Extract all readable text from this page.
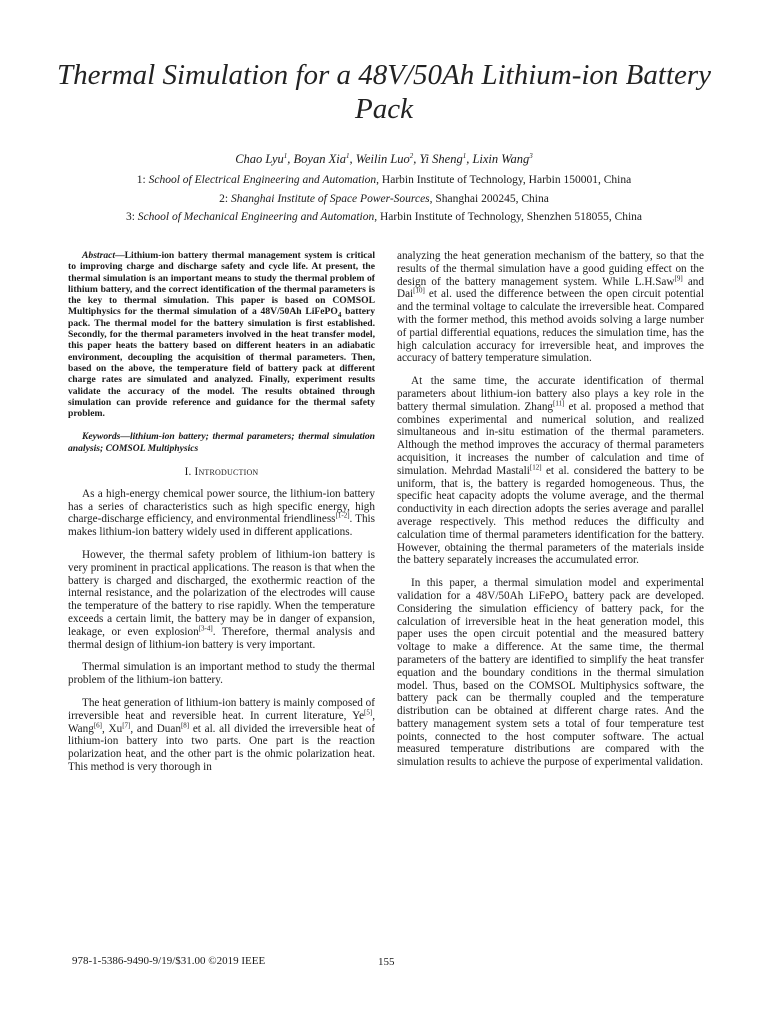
Thermal Simulation for a 48V/50Ah Lithium-ion Battery Pack
Chao Lyu$^1$, Boyan Xia$^1$, Weilin Luo$^2$, Yi Sheng$^1$, Lixin Wang$^3$
1: School of Electrical Engineering and Automation, Harbin Institute of Technology, Harbin 150001, China
2: Shanghai Institute of Space Power-Sources, Shanghai 200245, China
3: School of Mechanical Engineering and Automation, Harbin Institute of Technology, Shenzhen 518055, China

Abstract—Lithium-ion battery thermal management system is critical to improving charge and discharge safety and cycle life. At present, the thermal simulation is an important means to study the thermal problem of lithium battery, and the correct identification of the thermal parameters is the key to thermal simulation. This paper is based on COMSOL Multiphysics for the thermal simulation of a 48V/50Ah LiFePO$_4$ battery pack. The thermal model for the battery simulation is first established. Secondly, for the thermal parameters involved in the heat transfer model, this paper heats the battery based on different heaters in an adiabatic environment, decoupling the acquisition of thermal parameters. Then, based on the above, the temperature field of battery pack at different charge rates are simulated and analyzed. Finally, experiment results validate the accuracy of the model. The results obtained through simulation can provide reference and guidance for the thermal safety problem.

Keywords—lithium-ion battery; thermal parameters; thermal simulation analysis; COMSOL Multiphysics

I. Introduction

As a high-energy chemical power source, the lithium-ion battery has a series of characteristics such as high specific energy, high charge-discharge efficiency, and environmental friendliness[1-2]. This makes lithium-ion battery widely used in different applications.

However, the thermal safety problem of lithium-ion battery is very prominent in practical applications. The reason is that when the battery is charged and discharged, the exothermic reaction of the internal resistance, and the polarization of the electrodes will cause the temperature of the battery to rise rapidly. When the temperature exceeds a certain limit, the battery may be in danger of expansion, leakage, or even explosion[3-4]. Therefore, thermal analysis and thermal design of lithium-ion battery is very important.

Thermal simulation is an important method to study the thermal problem of the lithium-ion battery.

The heat generation of lithium-ion battery is mainly composed of irreversible heat and reversible heat. In current literature, Ye[5], Wang[6], Xu[7], and Duan[8] et al. all divided the irreversible heat of lithium-ion battery into two parts. One part is the reaction polarization heat, and the other part is the ohmic polarization heat. This method is very thorough in

analyzing the heat generation mechanism of the battery, so that the results of the thermal simulation have a good guiding effect on the design of the battery management system. While L.H.Saw[9] and Dai[10] et al. used the difference between the open circuit potential and the terminal voltage to calculate the irreversible heat. Compared with the former method, this method avoids solving a large number of partial differential equations, reduces the simulation time, has the high calculation accuracy for irreversible heat, and improves the accuracy of battery temperature simulation.

At the same time, the accurate identification of thermal parameters about lithium-ion battery also plays a key role in the battery thermal simulation. Zhang[11] et al. proposed a method that combines experimental and numerical solution, and realized simultaneous and in-situ estimation of the thermal parameters. Although the method improves the accuracy of thermal parameters acquisition, it increases the number of calculation and time of simulation. Mehrdad Mastali[12] et al. considered the battery to be uniform, that is, the battery is regarded homogeneous. Thus, the specific heat capacity adopts the volume average, and the thermal conductivity in each direction adopts the series average and parallel average respectively. This method reduces the difficulty and calculation time of thermal parameters identification for the battery. However, obtaining the thermal parameters of the materials inside the battery separately increases the accumulated error.

In this paper, a thermal simulation model and experimental validation for a 48V/50Ah LiFePO$_4$ battery pack are developed. Considering the simulation efficiency of battery pack, for the calculation of irreversible heat in the heat generation model, this paper uses the open circuit potential and the measured battery voltage to make a difference. At the same time, the thermal parameters of the battery are identified to simplify the heat transfer equation and the boundary conditions in the thermal simulation model. Thus, based on the COMSOL Multiphysics software, the battery pack can be thermally coupled and the temperature distribution can be obtained at different charge rates. And the battery management system sets a total of four temperature test points, connected to the host computer software. The actual measured temperature distributions are compared with the simulation results to achieve the purpose of experimental validation.

978-1-5386-9490-9/19/$31.00 ©2019 IEEE	155
